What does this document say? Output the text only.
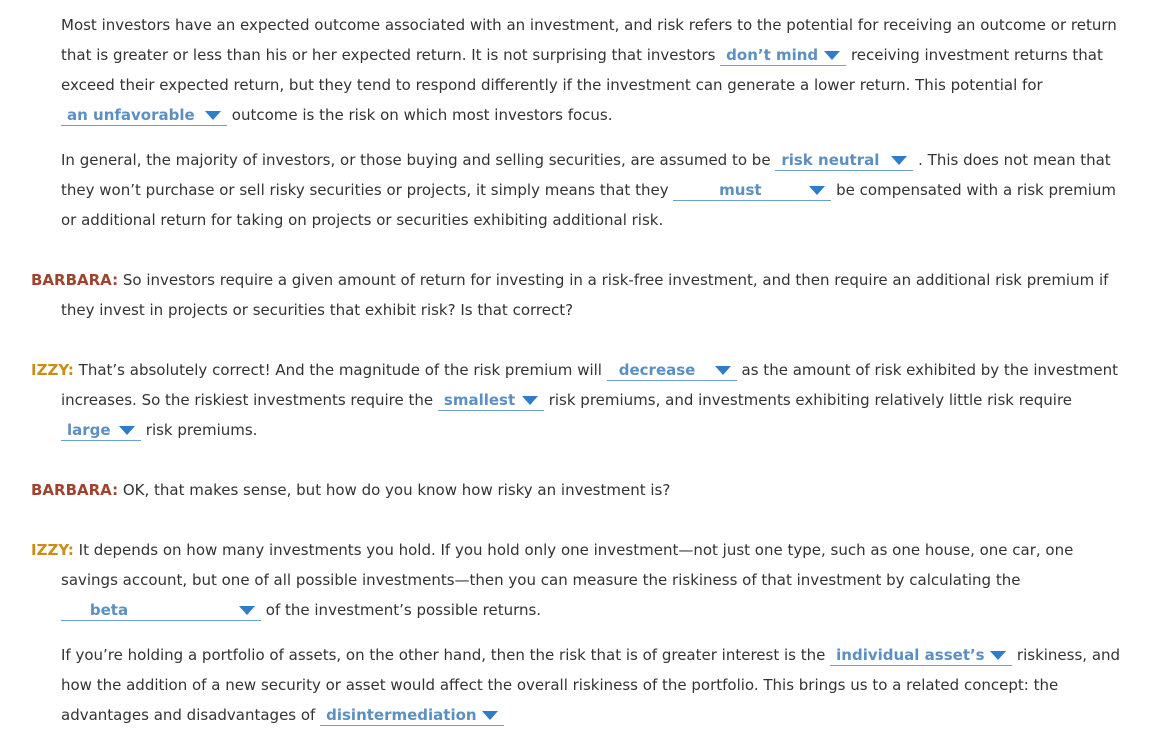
Most investors have an expected outcome associated with an investment, and risk refers to the potential for receiving an outcome or return
that is greater or less than his or her expected return. It is not surprising that investors don’t mind receiving investment returns that
exceed their expected return, but they tend to respond differently if the investment can generate a lower return. This potential for
an unfavorable outcome is the risk on which most investors focus.
In general, the majority of investors, or those buying and selling securities, are assumed to be risk neutral	. This does not mean that
they won’t purchase or sell risky securities or projects, it simply means that they	must	be compensated with a risk premium
or additional return for taking on projects or securities exhibiting additional risk.
BARBARA: So investors require a given amount of return for investing in a risk-free investment, and then require an additional risk premium if
they invest in projects or securities that exhibit risk? Is that correct?
IZZY: That’s absolutely correct! And the magnitude of the risk premium will decrease	as the amount of risk exhibited by the investment
increases. So the riskiest investments require the smallest risk premiums, and investments exhibiting relatively little risk require
large risk premiums.
BARBARA: OK, that makes sense, but how do you know how risky an investment is?
IZZY: It depends on how many investments you hold. If you hold only one investment—not just one type, such as one house, one car, one
savings account, but one of all possible investments—then you can measure the riskiness of that investment by calculating the
beta	of the investment’s possible returns.
If you’re holding a portfolio of assets, on the other hand, then the risk that is of greater interest is the individual asset’s riskiness, and
how the addition of a new security or asset would affect the overall riskiness of the portfolio. This brings us to a related concept: the
advantages and disadvantages of disintermediation
